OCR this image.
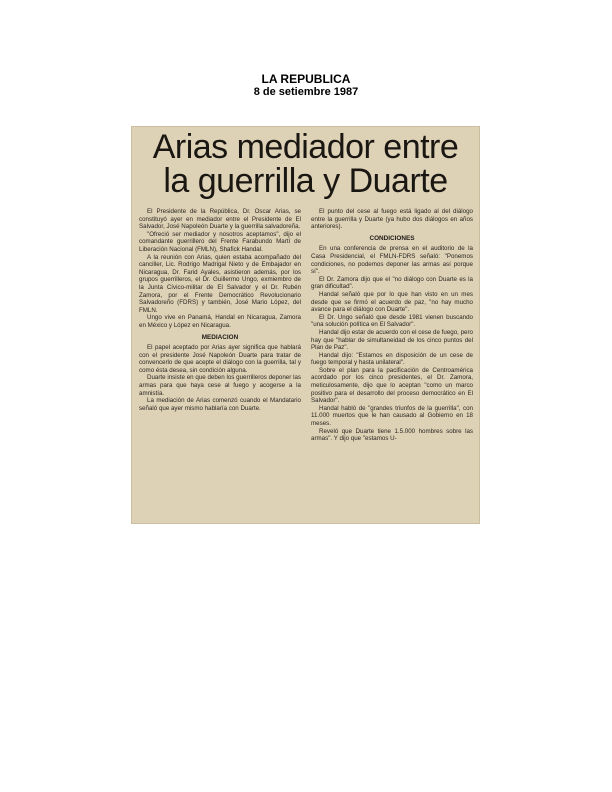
LA REPUBLICA
8 de setiembre 1987
Arias mediador entre
la guerrilla y Duarte

El Presidente de la República, Dr. Oscar Arias, se constituyó ayer en mediador entre el Presidente de El Salvador, José Napoleón Duarte y la guerrilla salvadoreña.

"Ofreció ser mediador y nosotros aceptamos", dijo el comandante guerrillero del Frente Farabundo Martí de Liberación Nacional (FMLN), Shafick Handal.

A la reunión con Arias, quien estaba acompañado del canciller, Lic. Rodrigo Madrigal Nieto y de Embajador en Nicaragua, Dr. Farid Ayales, asistieron además, por los grupos guerrilleros, el Dr. Guillermo Ungo, exmiembro de la Junta Cívico-militar de El Salvador y el Dr. Rubén Zamora, por el Frente Democrático Revolucionario Salvadoreño (FDRS) y también, José Mario López, del FMLN.

Ungo vive en Panamá, Handal en Nicaragua, Zamora en México y López en Nicaragua.

MEDIACION

El papel aceptado por Arias ayer significa que hablará con el presidente José Napoleón Duarte para tratar de convencerlo de que acepte el diálogo con la guerrilla, tal y como ésta desea, sin condición alguna.

Duarte insiste en que deben los guerrilleros deponer las armas para que haya cese al fuego y acogerse a la amnistía.

La mediación de Arias comenzó cuando el Mandatario señaló que ayer mismo hablaría con Duarte.

El punto del cese al fuego está ligado al del diálogo entre la guerrilla y Duarte (ya hubo dos diálogos en años anteriores).

CONDICIONES

En una conferencia de prensa en el auditorio de la Casa Presidencial, el FMLN-FDRS señaló: "Ponemos condiciones, no podemos deponer las armas así porque sí".

El Dr. Zamora dijo que el "no diálogo con Duarte es la gran dificultad".

Handal señaló que por lo que han visto en un mes desde que se firmó el acuerdo de paz, "no hay mucho avance para el diálogo con Duarte".

El Dr. Ungo señaló que desde 1981 vienen buscando "una solución política en El Salvador".

Handal dijo estar de acuerdo con el cese de fuego, pero hay que "hablar de simultaneidad de los cinco puntos del Plan de Paz".

Handal dijo: "Estamos en disposición de un cese de fuego temporal y hasta unilateral".

Sobre el plan para la pacificación de Centroamérica acordado por los cinco presidentes, el Dr. Zamora, meticulosamente, dijo que lo aceptan "como un marco positivo para el desarrollo del proceso democrático en El Salvador".

Handal habló de "grandes triunfos de la guerrilla", con 11.000 muertos que le han causado al Gobierno en 18 meses.

Reveló que Duarte tiene 1.5.000 hombres sobre las armas". Y dijo que "estamos U-
